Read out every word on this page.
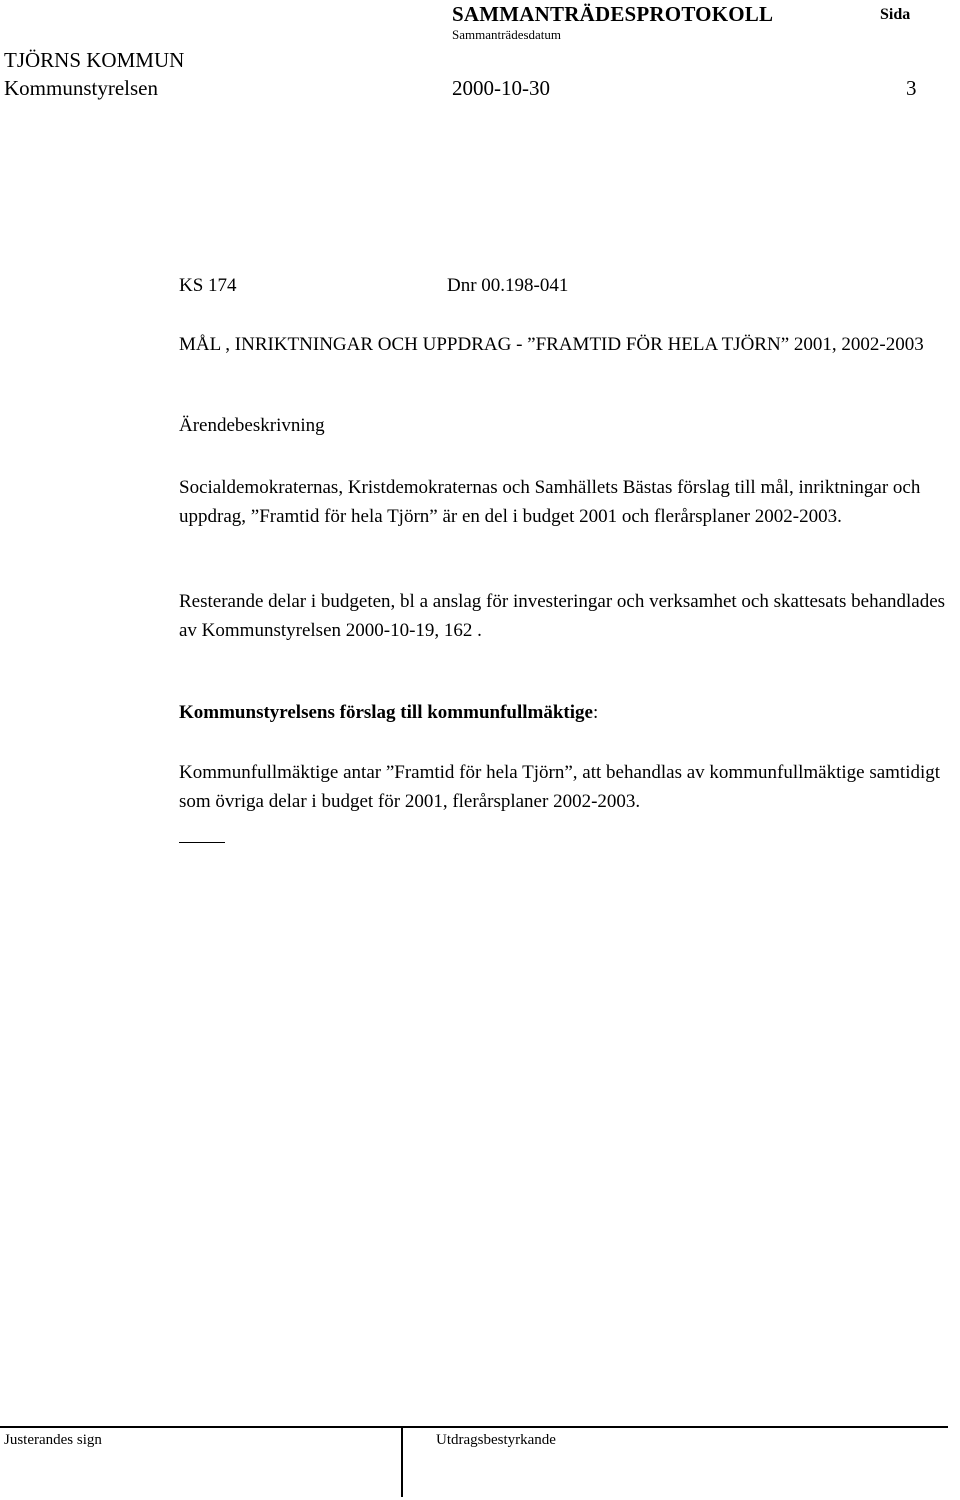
SAMMANTRÄDESPROTOKOLL	Sida
Sammanträdesdatum
TJÖRNS KOMMUN
Kommunstyrelsen	2000-10-30	3
KS 174	Dnr 00.198-041
MÅL , INRIKTNINGAR OCH UPPDRAG - ”FRAMTID FÖR HELA TJÖRN” 2001, 2002-2003
Ärendebeskrivning
Socialdemokraternas, Kristdemokraternas och Samhällets Bästas förslag till mål, inriktningar och uppdrag, ”Framtid för hela Tjörn” är en del i budget 2001 och flerårsplaner 2002-2003.
Resterande delar i budgeten, bl a anslag för investeringar och verksamhet och skattesats behandlades av Kommunstyrelsen 2000-10-19, 162 .
Kommunstyrelsens förslag till kommunfullmäktige:
Kommunfullmäktige antar ”Framtid för hela Tjörn”, att behandlas av kommunfullmäktige samtidigt som övriga delar i budget för 2001, flerårsplaner 2002-2003.
Justerandes sign	Utdragsbestyrkande
